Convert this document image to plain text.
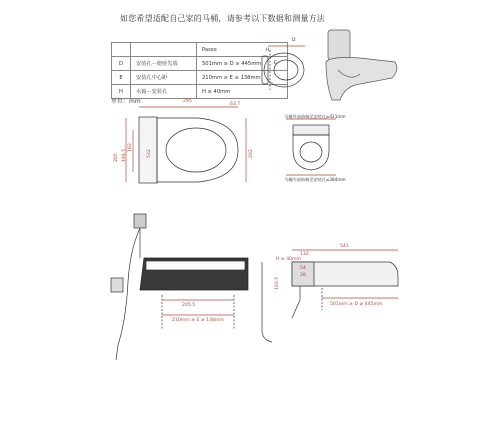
如您希望适配自己家的马桶，请参考以下数据和测量方法
		Passo
D	安装孔－便座先端	501mm ≥ D ≥ 445mm
E	安装孔中心距	210mm ≥ E ≥ 138mm
H	水箱－安装孔	H ≥ 40mm
单位：mm
H
D
E
295
63.7
202
194.5
205
163
532
马桶外部前端至安装孔≥421mm
马桶内部前端至安装孔≤384mm
205.5
210mm ≥ E ≥ 138mm
541
H ≥ 40mm
132
54
28
103.5
501mm ≥ D ≥ 445mm
